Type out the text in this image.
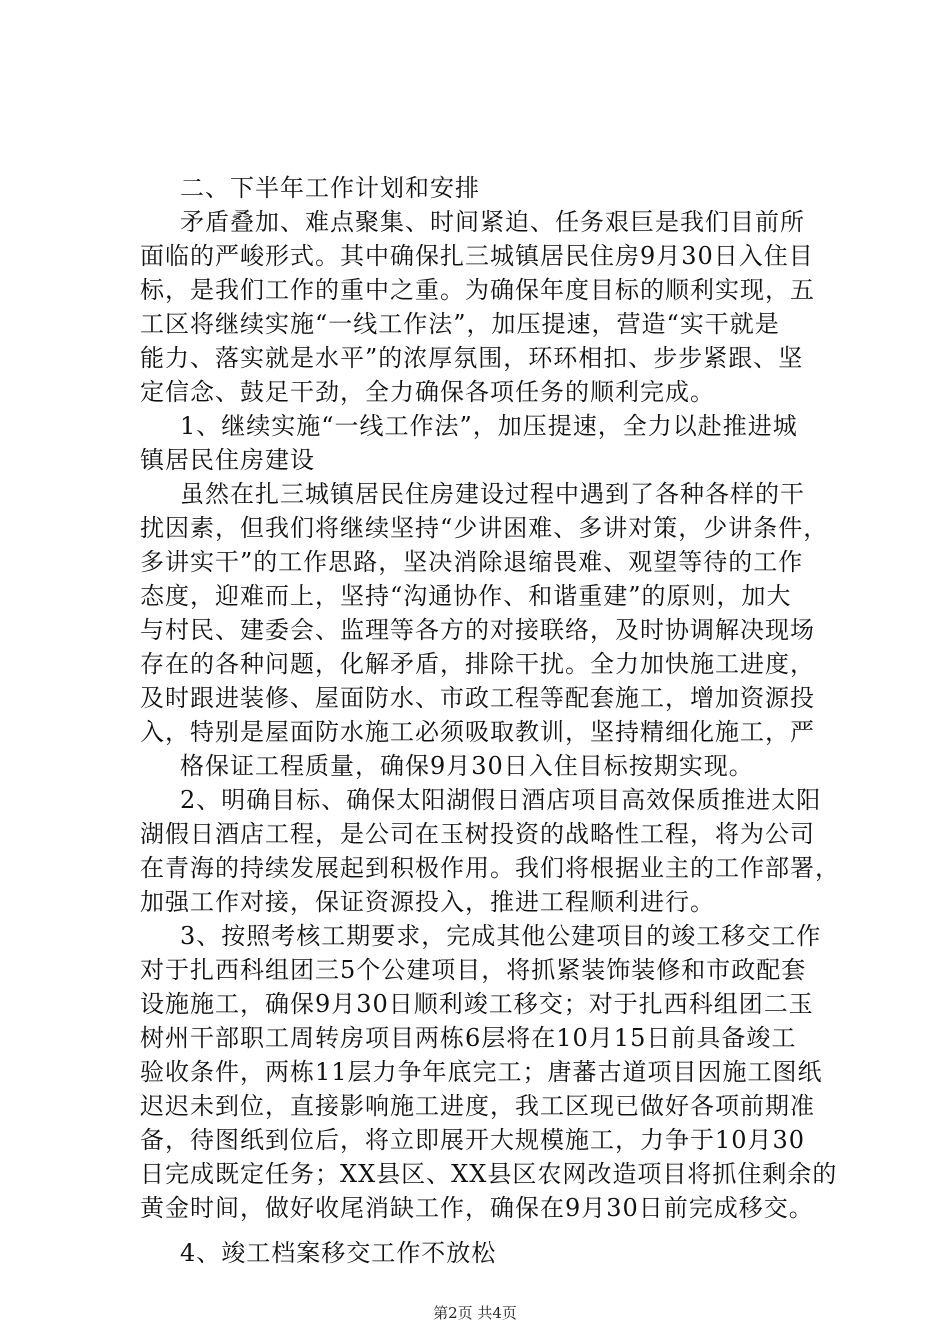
二、下半年工作计划和安排
矛盾叠加、难点聚集、时间紧迫、任务艰巨是我们目前所
面临的严峻形式。其中确保扎三城镇居民住房9月30日入住目
标，是我们工作的重中之重。为确保年度目标的顺利实现，五
工区将继续实施“一线工作法”，加压提速，营造“实干就是
能力、落实就是水平”的浓厚氛围，环环相扣、步步紧跟、坚
定信念、鼓足干劲，全力确保各项任务的顺利完成。
1、继续实施“一线工作法”，加压提速，全力以赴推进城
镇居民住房建设
虽然在扎三城镇居民住房建设过程中遇到了各种各样的干
扰因素，但我们将继续坚持“少讲困难、多讲对策，少讲条件，
多讲实干”的工作思路，坚决消除退缩畏难、观望等待的工作
态度，迎难而上，坚持“沟通协作、和谐重建”的原则，加大
与村民、建委会、监理等各方的对接联络，及时协调解决现场
存在的各种问题，化解矛盾，排除干扰。全力加快施工进度，
及时跟进装修、屋面防水、市政工程等配套施工，增加资源投
入，特别是屋面防水施工必须吸取教训，坚持精细化施工，严
格保证工程质量，确保9月30日入住目标按期实现。
2、明确目标、确保太阳湖假日酒店项目高效保质推进太阳
湖假日酒店工程，是公司在玉树投资的战略性工程，将为公司
在青海的持续发展起到积极作用。我们将根据业主的工作部署，
加强工作对接，保证资源投入，推进工程顺利进行。
3、按照考核工期要求，完成其他公建项目的竣工移交工作
对于扎西科组团三5个公建项目，将抓紧装饰装修和市政配套
设施施工，确保9月30日顺利竣工移交；对于扎西科组团二玉
树州干部职工周转房项目两栋6层将在10月15日前具备竣工
验收条件，两栋11层力争年底完工；唐蕃古道项目因施工图纸
迟迟未到位，直接影响施工进度，我工区现已做好各项前期准
备，待图纸到位后，将立即展开大规模施工，力争于10月30
日完成既定任务；XX县区、XX县区农网改造项目将抓住剩余的
黄金时间，做好收尾消缺工作，确保在9月30日前完成移交。
第2页 共4页
4、竣工档案移交工作不放松
